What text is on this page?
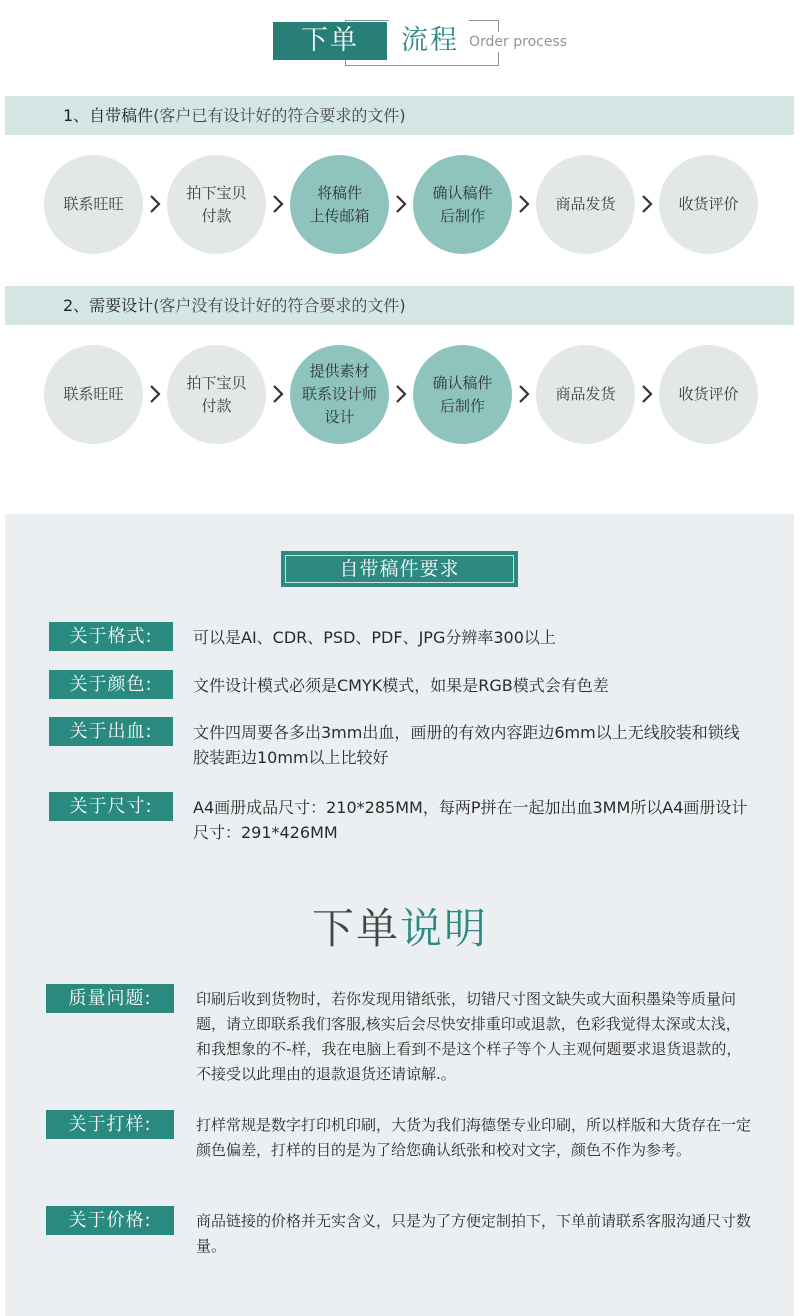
下单	流程 Order process
1、自带稿件(客户已有设计好的符合要求的文件)
联系旺旺
拍下宝贝
付款
将稿件
上传邮箱
确认稿件
后制作
商品发货	收货评价
2、需要设计(客户没有设计好的符合要求的文件)
联系旺旺
拍下宝贝
付款
提供素材
联系设计师
设计
确认稿件
后制作
商品发货	收货评价
自带稿件要求
关于格式:	可以是AI、CDR、PSD、PDF、JPG分辨率300以上
关于颜色:	文件设计模式必须是CMYK模式，如果是RGB模式会有色差
关于出血:	文件四周要各多出3mm出血，画册的有效内容距边6mm以上无线胶装和锁线胶装距边10mm以上比较好
关于尺寸:	A4画册成品尺寸：210*285MM，每两P拼在一起加出血3MM所以A4画册设计尺寸：291*426MM
下单说明
质量问题:	印刷后收到货物时，若你发现用错纸张，切错尺寸图文缺失或大面积墨染等质量问题，请立即联系我们客服,核实后会尽快安排重印或退款，色彩我觉得太深或太浅，和我想象的不-样，我在电脑上看到不是这个样子等个人主观何题要求退货退款的，不接受以此理由的退款退货还请谅解.。
关于打样:	打样常规是数字打印机印刷，大货为我们海德堡专业印刷，所以样版和大货存在一定颜色偏差，打样的目的是为了给您确认纸张和校对文字，颜色不作为参考。
关于价格:	商品链接的价格并无实含义，只是为了方便定制拍下，下单前请联系客服沟通尺寸数量。
